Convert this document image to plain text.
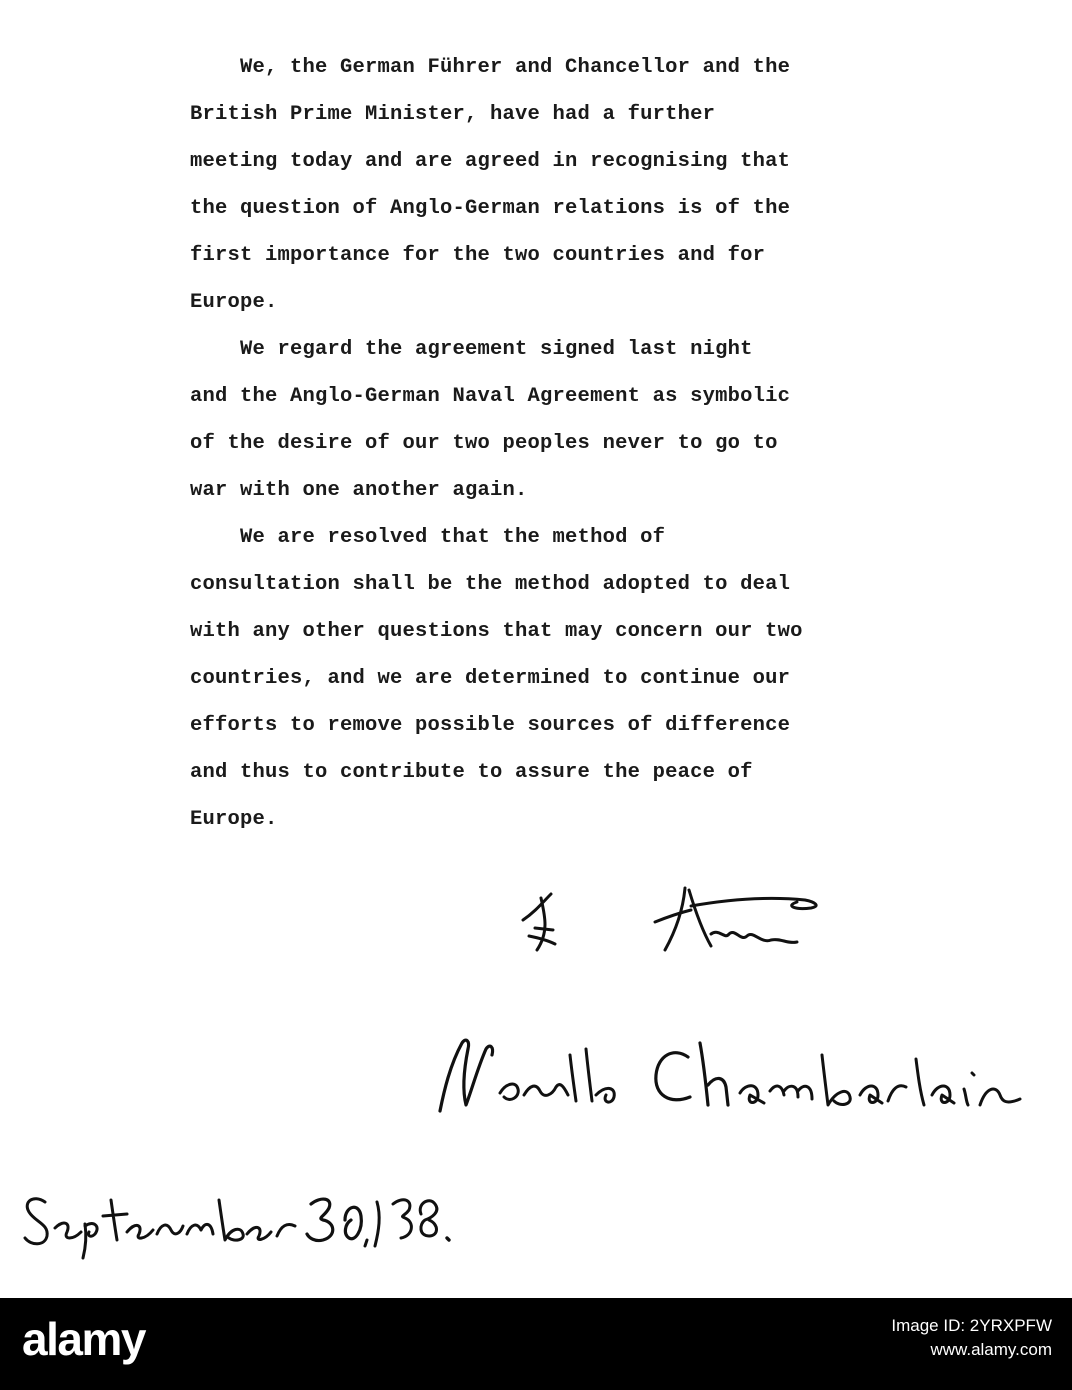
We, the German Führer and Chancellor and the
British Prime Minister, have had a further
meeting today and are agreed in recognising that
the question of Anglo-German relations is of the
first importance for the two countries and for
Europe.
We regard the agreement signed last night
and the Anglo-German Naval Agreement as symbolic
of the desire of our two peoples never to go to
war with one another again.
We are resolved that the method of
consultation shall be the method adopted to deal
with any other questions that may concern our two
countries, and we are determined to continue our
efforts to remove possible sources of difference
and thus to contribute to assure the peace of
Europe.
alamy	Image ID: 2YRXPFW
www.alamy.com
